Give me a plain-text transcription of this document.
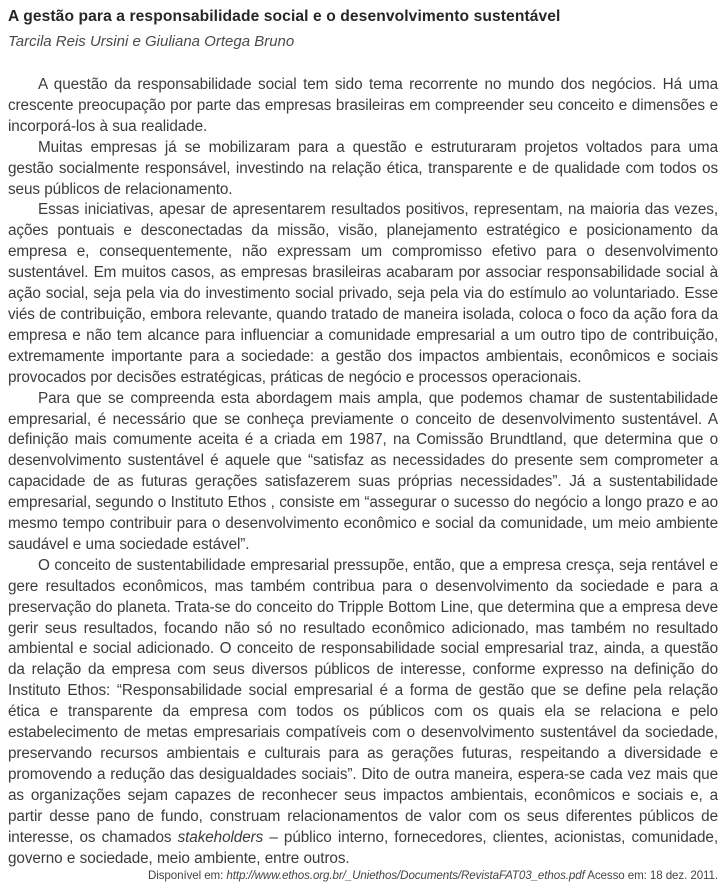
A gestão para a responsabilidade social e o desenvolvimento sustentável
Tarcila Reis Ursini e Giuliana Ortega Bruno

A questão da responsabilidade social tem sido tema recorrente no mundo dos negócios. Há uma crescente preocupação por parte das empresas brasileiras em compreender seu conceito e dimensões e incorporá-los à sua realidade.

Muitas empresas já se mobilizaram para a questão e estruturaram projetos voltados para uma gestão socialmente responsável, investindo na relação ética, transparente e de qualidade com todos os seus públicos de relacionamento.

Essas iniciativas, apesar de apresentarem resultados positivos, representam, na maioria das vezes, ações pontuais e desconectadas da missão, visão, planejamento estratégico e posicionamento da empresa e, consequentemente, não expressam um compromisso efetivo para o desenvolvimento sustentável. Em muitos casos, as empresas brasileiras acabaram por associar responsabilidade social à ação social, seja pela via do investimento social privado, seja pela via do estímulo ao voluntariado. Esse viés de contribuição, embora relevante, quando tratado de maneira isolada, coloca o foco da ação fora da empresa e não tem alcance para influenciar a comunidade empresarial a um outro tipo de contribuição, extremamente importante para a sociedade: a gestão dos impactos ambientais, econômicos e sociais provocados por decisões estratégicas, práticas de negócio e processos operacionais.

Para que se compreenda esta abordagem mais ampla, que podemos chamar de sustentabilidade empresarial, é necessário que se conheça previamente o conceito de desenvolvimento sustentável. A definição mais comumente aceita é a criada em 1987, na Comissão Brundtland, que determina que o desenvolvimento sustentável é aquele que “satisfaz as necessidades do presente sem comprometer a capacidade de as futuras gerações satisfazerem suas próprias necessidades”. Já a sustentabilidade empresarial, segundo o Instituto Ethos , consiste em “assegurar o sucesso do negócio a longo prazo e ao mesmo tempo contribuir para o desenvolvimento econômico e social da comunidade, um meio ambiente saudável e uma sociedade estável”.

O conceito de sustentabilidade empresarial pressupõe, então, que a empresa cresça, seja rentável e gere resultados econômicos, mas também contribua para o desenvolvimento da sociedade e para a preservação do planeta. Trata-se do conceito do Tripple Bottom Line, que determina que a empresa deve gerir seus resultados, focando não só no resultado econômico adicionado, mas também no resultado ambiental e social adicionado. O conceito de responsabilidade social empresarial traz, ainda, a questão da relação da empresa com seus diversos públicos de interesse, conforme expresso na definição do Instituto Ethos: “Responsabilidade social empresarial é a forma de gestão que se define pela relação ética e transparente da empresa com todos os públicos com os quais ela se relaciona e pelo estabelecimento de metas empresariais compatíveis com o desenvolvimento sustentável da sociedade, preservando recursos ambientais e culturais para as gerações futuras, respeitando a diversidade e promovendo a redução das desigualdades sociais”. Dito de outra maneira, espera-se cada vez mais que as organizações sejam capazes de reconhecer seus impactos ambientais, econômicos e sociais e, a partir desse pano de fundo, construam relacionamentos de valor com os seus diferentes públicos de interesse, os chamados stakeholders – público interno, fornecedores, clientes, acionistas, comunidade, governo e sociedade, meio ambiente, entre outros.

Disponível em: http://www.ethos.org.br/_Uniethos/Documents/RevistaFAT03_ethos.pdf Acesso em: 18 dez. 2011.
